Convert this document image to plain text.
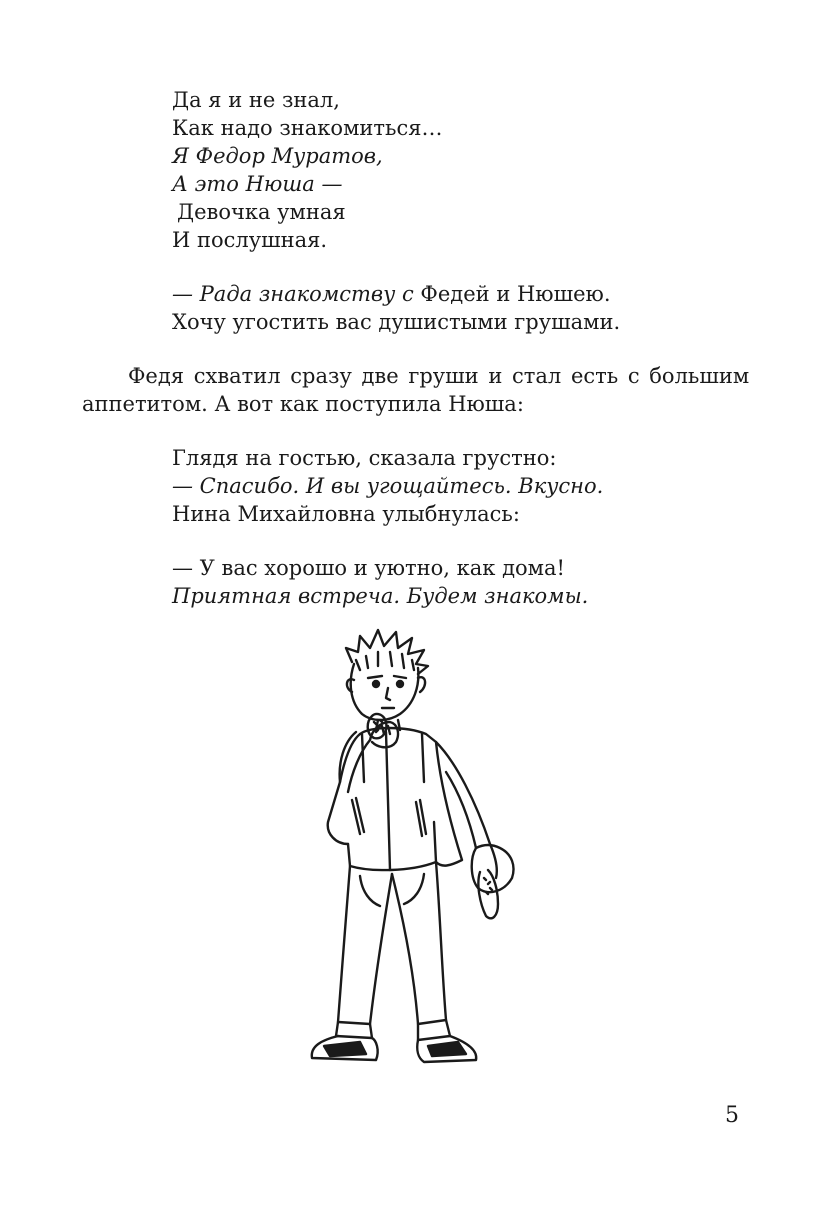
Да я и не знал,
Как надо знакомиться…
Я Федор Муратов,
А это Нюша —
Девочка умная
И послушная.
— Рада знакомству с Федей и Нюшею.
Хочу угостить вас душистыми грушами.
Федя схватил сразу две груши и стал есть с большим
аппетитом. А вот как поступила Нюша:
Глядя на гостью, сказала грустно:
— Спасибо. И вы угощайтесь. Вкусно.
Нина Михайловна улыбнулась:
— У вас хорошо и уютно, как дома!
Приятная встреча. Будем знакомы.
5
